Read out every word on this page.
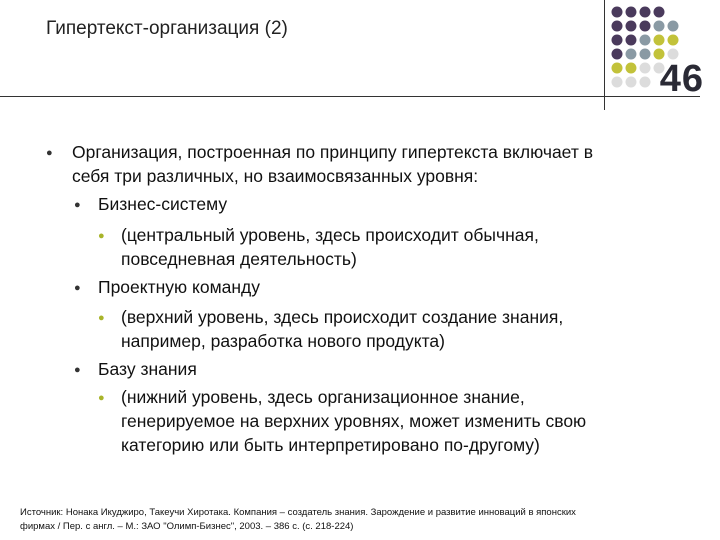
Гипертекст-организация (2)
46
● Организация, построенная по принципу гипертекста включает в
себя три различных, но взаимосвязанных уровня:
● Бизнес-систему
● (центральный уровень, здесь происходит обычная,
повседневная деятельность)
● Проектную команду
● (верхний уровень, здесь происходит создание знания,
например, разработка нового продукта)
● Базу знания
● (нижний уровень, здесь организационное знание,
генерируемое на верхних уровнях, может изменить свою
категорию или быть интерпретировано по-другому)
Источник: Нонака Икуджиро, Такеучи Хиротака. Компания – создатель знания. Зарождение и развитие инноваций в японских
фирмах / Пер. с англ. – М.: ЗАО "Олимп-Бизнес", 2003. – 386 с. (с. 218-224)
